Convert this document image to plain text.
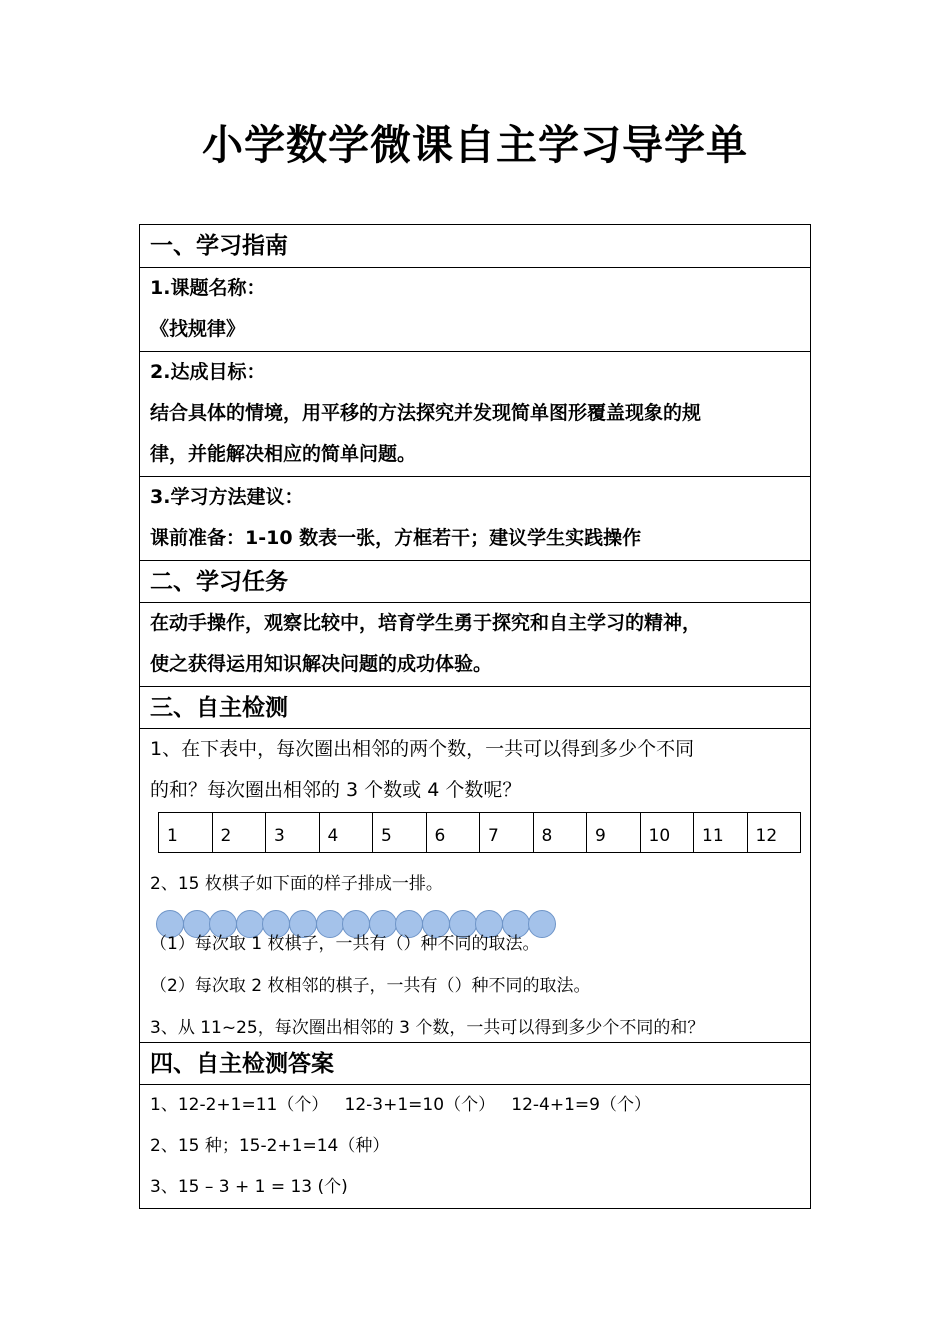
小学数学微课自主学习导学单
一、学习指南
1.课题名称：
《找规律》
2.达成目标：
结合具体的情境，用平移的方法探究并发现简单图形覆盖现象的规
律，并能解决相应的简单问题。
3.学习方法建议：
课前准备：1-10 数表一张，方框若干；建议学生实践操作
二、学习任务
在动手操作，观察比较中，培育学生勇于探究和自主学习的精神，
使之获得运用知识解决问题的成功体验。
三、自主检测
1、在下表中，每次圈出相邻的两个数，一共可以得到多少个不同
的和？每次圈出相邻的 3 个数或 4 个数呢？
1	2	3	4	5	6	7	8	9	10	11	12
2、15 枚棋子如下面的样子排成一排。
（1）每次取 1 枚棋子，一共有（）种不同的取法。
（2）每次取 2 枚相邻的棋子，一共有（）种不同的取法。
3、从 11~25，每次圈出相邻的 3 个数，一共可以得到多少个不同的和？
四、自主检测答案
1、12-2+1=11（个）   12-3+1=10（个）   12-4+1=9（个）
2、15 种；15-2+1=14（种）
3、15 – 3 + 1 = 13 (个)
